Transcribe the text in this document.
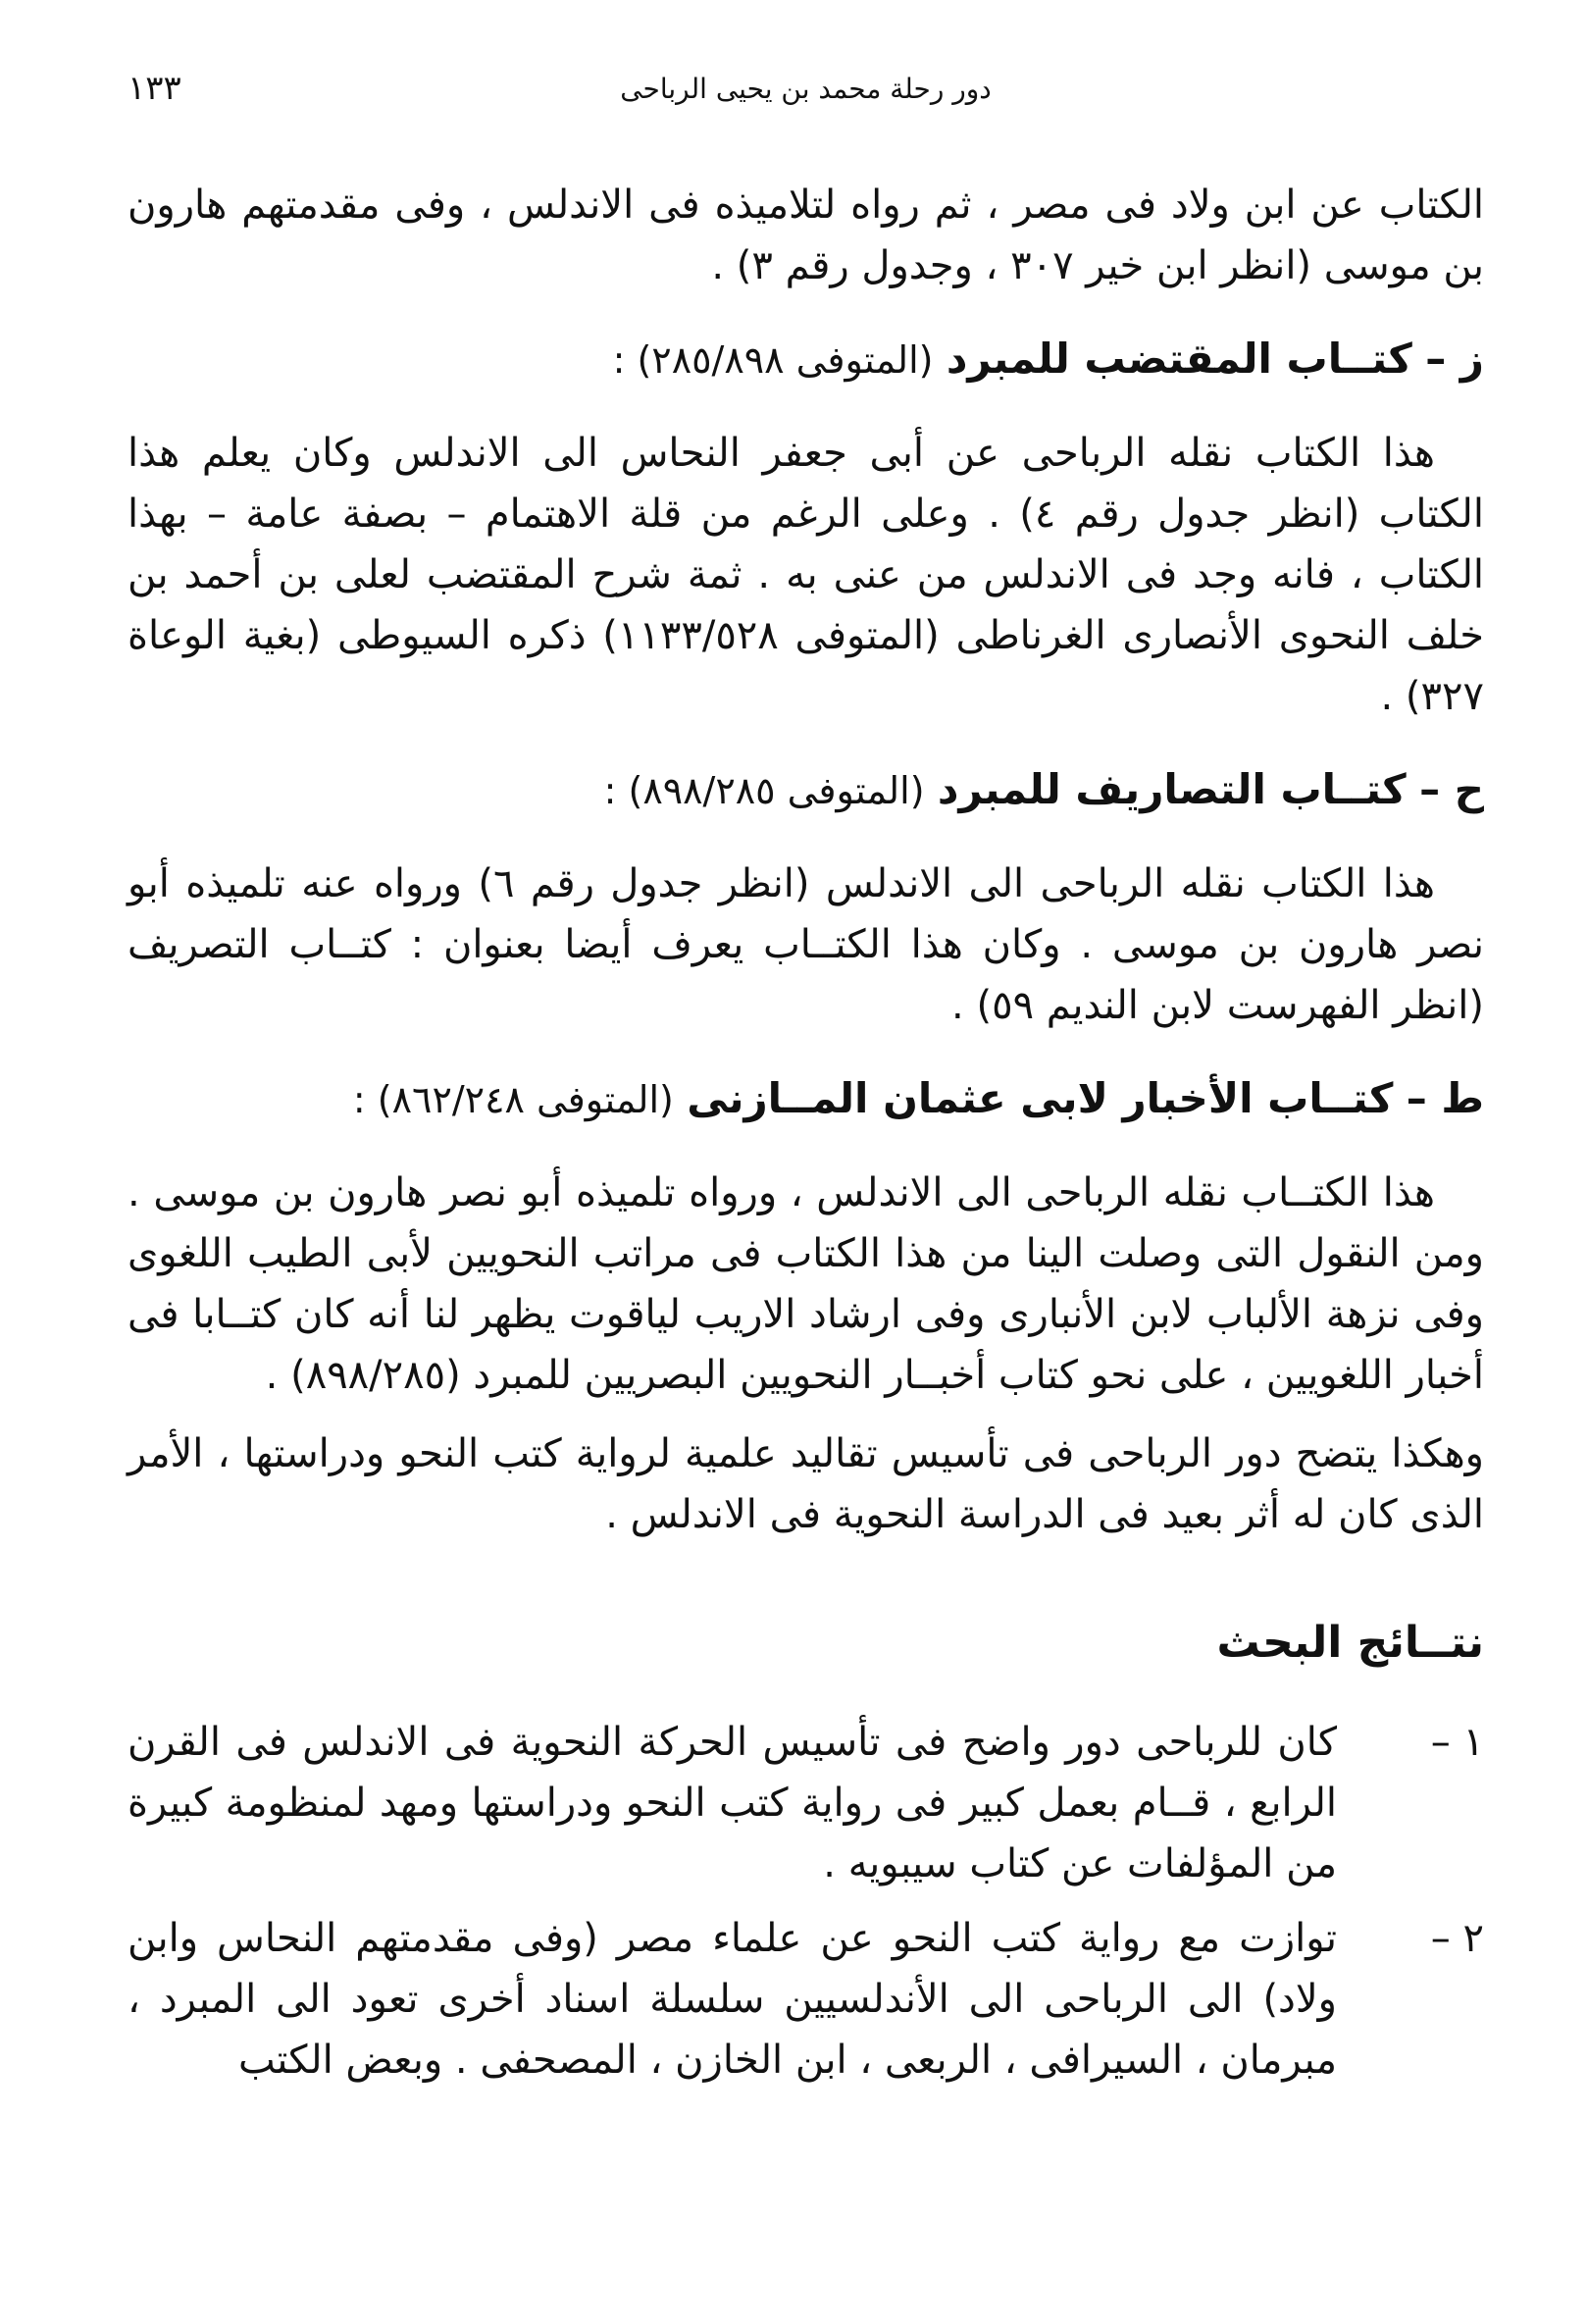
دور رحلة محمد بن يحيى الرباحى
١٣٣

الكتاب عن ابن ولاد فى مصر ، ثم رواه لتلاميذه فى الاندلس ، وفى مقدمتهم هارون بن موسى (انظر ابن خير ٣٠٧ ، وجدول رقم ٣) .

ز – كتــاب المقتضب للمبرد (المتوفى ٢٨٥/٨٩٨) :

هذا الكتاب نقله الرباحى عن أبى جعفر النحاس الى الاندلس وكان يعلم هذا الكتاب (انظر جدول رقم ٤) . وعلى الرغم من قلة الاهتمام – بصفة عامة – بهذا الكتاب ، فانه وجد فى الاندلس من عنى به . ثمة شرح المقتضب لعلى بن أحمد بن خلف النحوى الأنصارى الغرناطى (المتوفى ١١٣٣/٥٢٨) ذكره السيوطى (بغية الوعاة ٣٢٧) .

ح – كتــاب التصاريف للمبرد (المتوفى ٨٩٨/٢٨٥) :

هذا الكتاب نقله الرباحى الى الاندلس (انظر جدول رقم ٦) ورواه عنه تلميذه أبو نصر هارون بن موسى . وكان هذا الكتــاب يعرف أيضا بعنوان : كتــاب التصريف (انظر الفهرست لابن النديم ٥٩) .

ط – كتــاب الأخبار لابى عثمان المــازنى (المتوفى ٨٦٢/٢٤٨) :

هذا الكتــاب نقله الرباحى الى الاندلس ، ورواه تلميذه أبو نصر هارون بن موسى . ومن النقول التى وصلت الينا من هذا الكتاب فى مراتب النحويين لأبى الطيب اللغوى وفى نزهة الألباب لابن الأنبارى وفى ارشاد الاريب لياقوت يظهر لنا أنه كان كتــابا فى أخبار اللغويين ، على نحو كتاب أخبــار النحويين البصريين للمبرد (٨٩٨/٢٨٥) .

وهكذا يتضح دور الرباحى فى تأسيس تقاليد علمية لرواية كتب النحو ودراستها ، الأمر الذى كان له أثر بعيد فى الدراسة النحوية فى الاندلس .

نتــائج البحث
١ –

كان للرباحى دور واضح فى تأسيس الحركة النحوية فى الاندلس فى القرن الرابع ، قــام بعمل كبير فى رواية كتب النحو ودراستها ومهد لمنظومة كبيرة من المؤلفات عن كتاب سيبويه .

٢ –

توازت مع رواية كتب النحو عن علماء مصر (وفى مقدمتهم النحاس وابن ولاد) الى الرباحى الى الأندلسيين سلسلة اسناد أخرى تعود الى المبرد ، مبرمان ، السيرافى ، الربعى ، ابن الخازن ، المصحفى . وبعض الكتب
